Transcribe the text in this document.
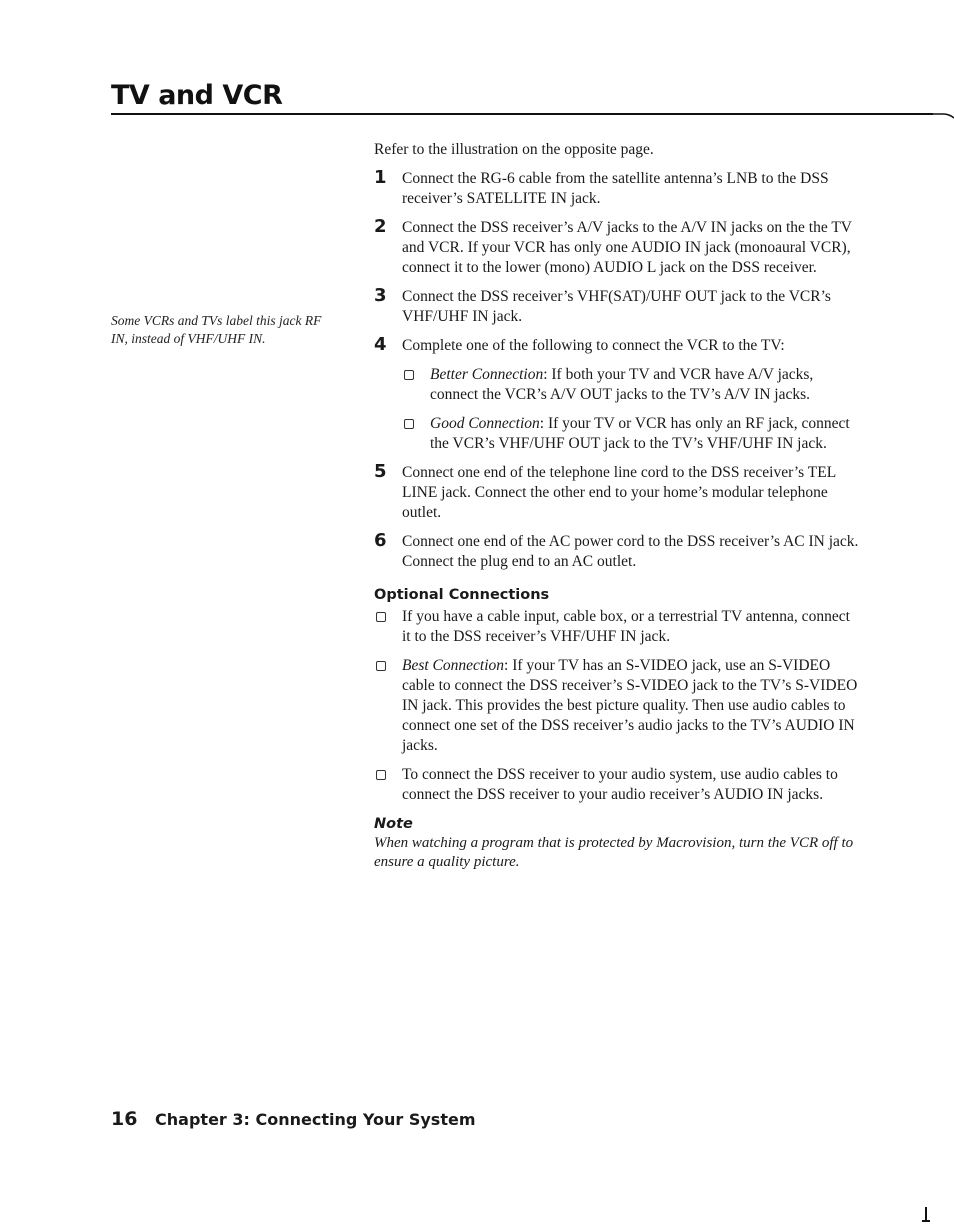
TV and VCR
Some VCRs and TVs label this jack RF IN, instead of VHF/UHF IN.

Refer to the illustration on the opposite page.

1 Connect the RG-6 cable from the satellite antenna’s LNB to the DSS receiver’s SATELLITE IN jack.
2 Connect the DSS receiver’s A/V jacks to the A/V IN jacks on the the TV and VCR. If your VCR has only one AUDIO IN jack (monoaural VCR), connect it to the lower (mono) AUDIO L jack on the DSS receiver.
3 Connect the DSS receiver’s VHF(SAT)/UHF OUT jack to the VCR’s VHF/UHF IN jack.
4 Complete one of the following to connect the VCR to the TV:
Better Connection: If both your TV and VCR have A/V jacks, connect the VCR’s A/V OUT jacks to the TV’s A/V IN jacks.
Good Connection: If your TV or VCR has only an RF jack, connect the VCR’s VHF/UHF OUT jack to the TV’s VHF/UHF IN jack.
5 Connect one end of the telephone line cord to the DSS receiver’s TEL LINE jack. Connect the other end to your home’s modular telephone outlet.
6 Connect one end of the AC power cord to the DSS receiver’s AC IN jack. Connect the plug end to an AC outlet.
Optional Connections
If you have a cable input, cable box, or a terrestrial TV antenna, connect it to the DSS receiver’s VHF/UHF IN jack.
Best Connection: If your TV has an S-VIDEO jack, use an S-VIDEO cable to connect the DSS receiver’s S-VIDEO jack to the TV’s S-VIDEO IN jack. This provides the best picture quality. Then use audio cables to connect one set of the DSS receiver’s audio jacks to the TV’s AUDIO IN jacks.
To connect the DSS receiver to your audio system, use audio cables to connect the DSS receiver to your audio receiver’s AUDIO IN jacks.
Note
When watching a program that is protected by Macrovision, turn the VCR off to ensure a quality picture.
16 Chapter 3: Connecting Your System
